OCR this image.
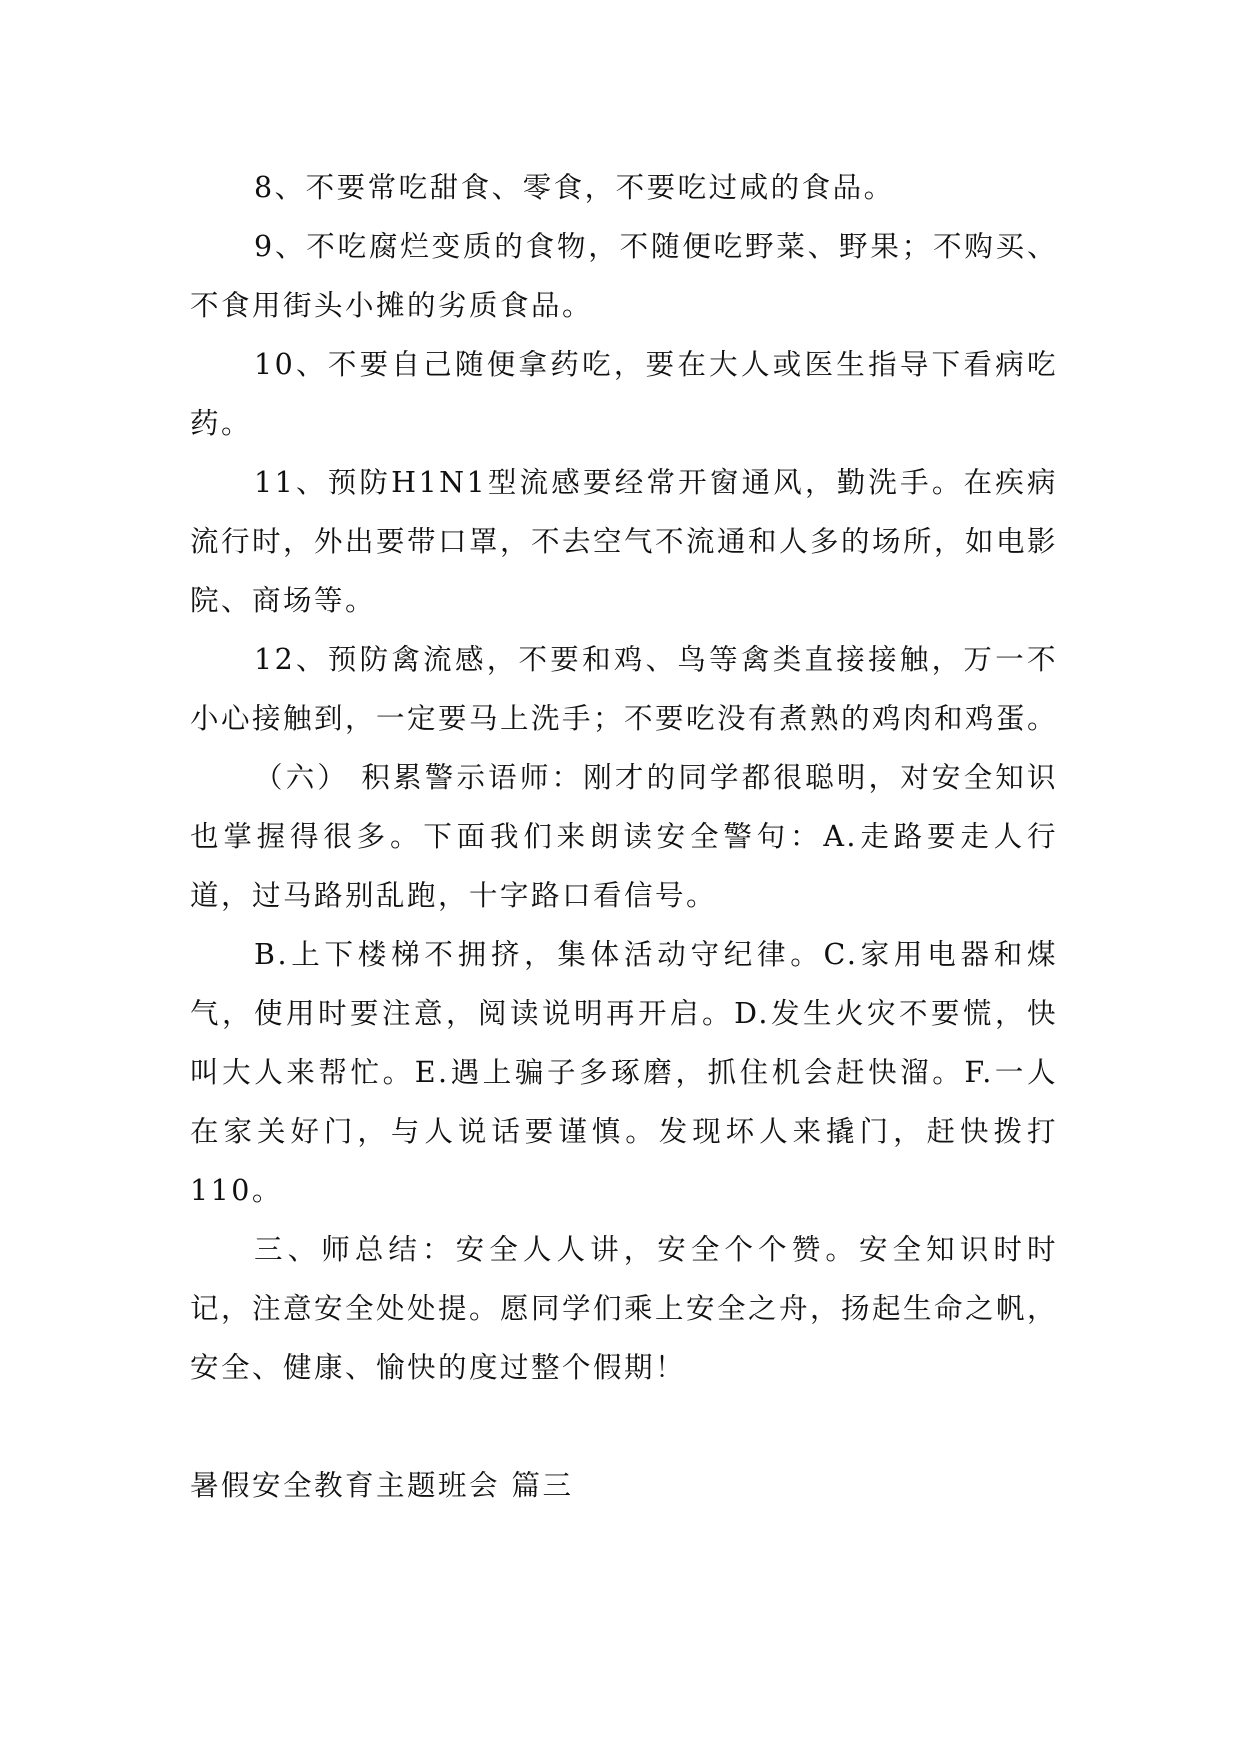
8、不要常吃甜食、零食，不要吃过咸的食品。

9、不吃腐烂变质的食物，不随便吃野菜、野果；不购买、不食用街头小摊的劣质食品。

10、不要自己随便拿药吃，要在大人或医生指导下看病吃药。

11、预防H1N1型流感要经常开窗通风，勤洗手。在疾病流行时，外出要带口罩，不去空气不流通和人多的场所，如电影院、商场等。

12、预防禽流感，不要和鸡、鸟等禽类直接接触，万一不小心接触到，一定要马上洗手；不要吃没有煮熟的鸡肉和鸡蛋。

（六） 积累警示语师：刚才的同学都很聪明，对安全知识也掌握得很多。下面我们来朗读安全警句：A.走路要走人行道，过马路别乱跑，十字路口看信号。

B.上下楼梯不拥挤，集体活动守纪律。C.家用电器和煤气，使用时要注意，阅读说明再开启。D.发生火灾不要慌，快叫大人来帮忙。E.遇上骗子多琢磨，抓住机会赶快溜。F.一人在家关好门，与人说话要谨慎。发现坏人来撬门，赶快拨打110。

三、师总结：安全人人讲，安全个个赞。安全知识时时记，注意安全处处提。愿同学们乘上安全之舟，扬起生命之帆，安全、健康、愉快的度过整个假期！

暑假安全教育主题班会 篇三
